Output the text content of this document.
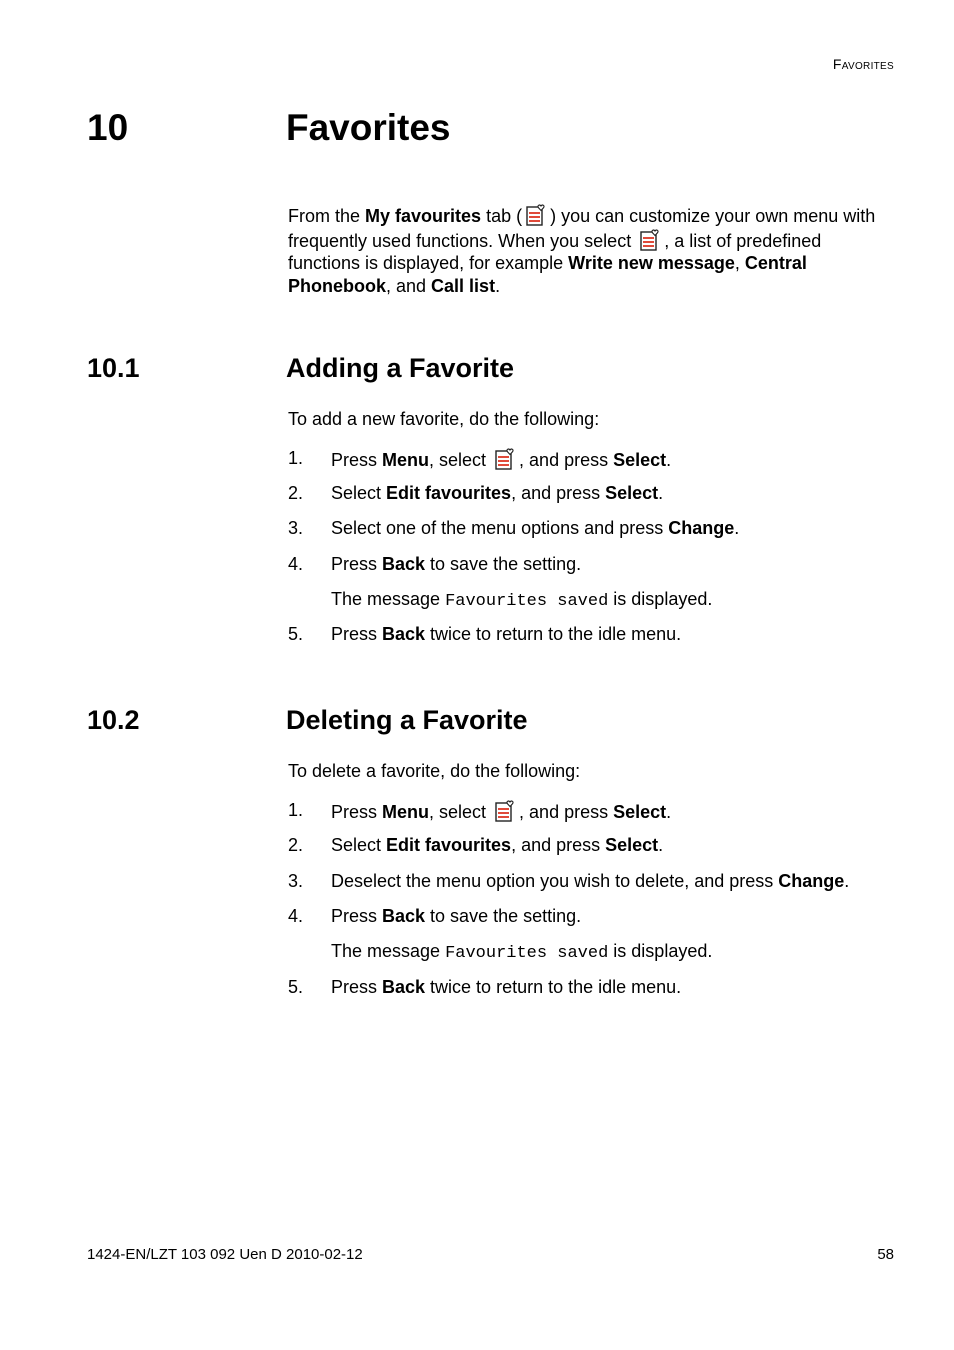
Favorites
10	Favorites
From the My favourites tab ( ) you can customize your own menu with frequently used functions. When you select , a list of predefined functions is displayed, for example Write new message, Central Phonebook, and Call list.
10.1	Adding a Favorite
To add a new favorite, do the following:
1. Press Menu, select , and press Select.
2. Select Edit favourites, and press Select.
3. Select one of the menu options and press Change.
4. Press Back to save the setting.
The message Favourites saved is displayed.
5. Press Back twice to return to the idle menu.
10.2	Deleting a Favorite
To delete a favorite, do the following:
1. Press Menu, select , and press Select.
2. Select Edit favourites, and press Select.
3. Deselect the menu option you wish to delete, and press Change.
4. Press Back to save the setting.
The message Favourites saved is displayed.
5. Press Back twice to return to the idle menu.
1424-EN/LZT 103 092 Uen D 2010-02-12	58
